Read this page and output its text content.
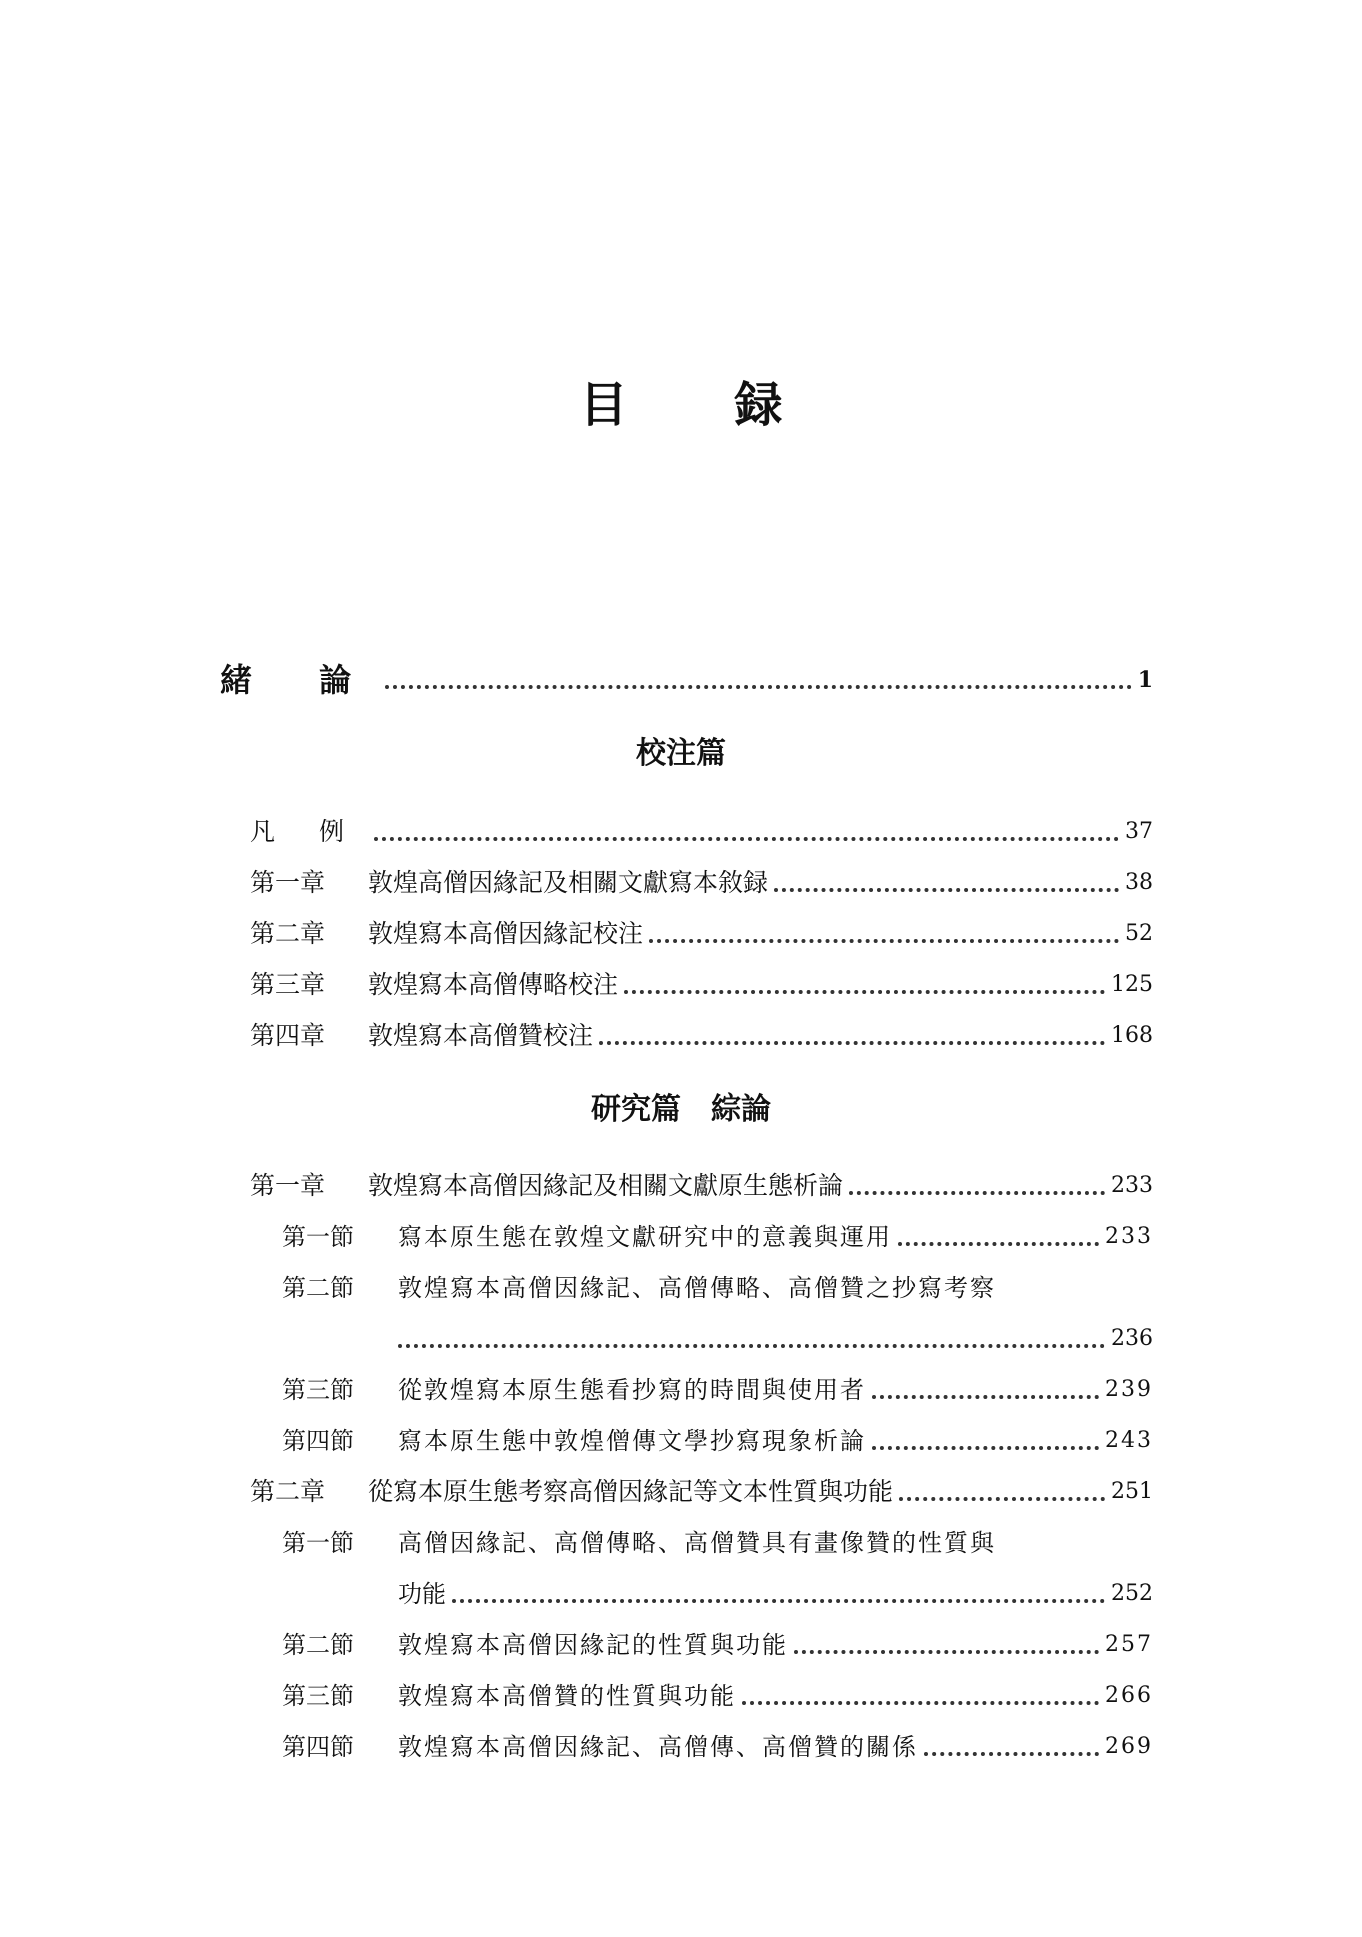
目 録
緒 論	1
校注篇
凡 例	37
第一章 敦煌高僧因緣記及相關文獻寫本敘録	38
第二章 敦煌寫本高僧因緣記校注	52
第三章 敦煌寫本高僧傳略校注	125
第四章 敦煌寫本高僧贊校注	168
研究篇　綜論
第一章 敦煌寫本高僧因緣記及相關文獻原生態析論	233
第一節 寫本原生態在敦煌文獻研究中的意義與運用	233
第二節 敦煌寫本高僧因緣記、高僧傳略、高僧贊之抄寫考察
236
第三節 從敦煌寫本原生態看抄寫的時間與使用者	239
第四節 寫本原生態中敦煌僧傳文學抄寫現象析論	243
第二章 從寫本原生態考察高僧因緣記等文本性質與功能	251
第一節 高僧因緣記、高僧傳略、高僧贊具有畫像贊的性質與
功能	252
第二節 敦煌寫本高僧因緣記的性質與功能	257
第三節 敦煌寫本高僧贊的性質與功能	266
第四節 敦煌寫本高僧因緣記、高僧傳、高僧贊的關係	269
